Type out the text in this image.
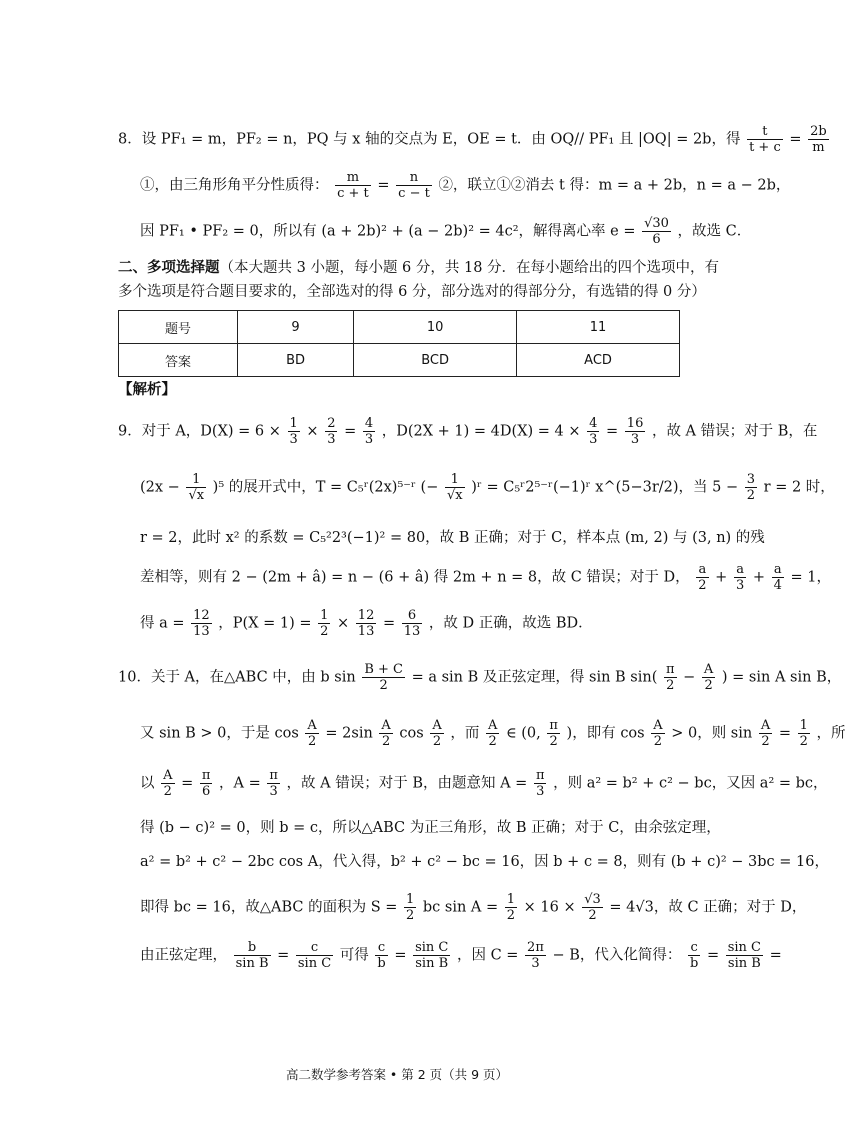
8．设 PF₁ = m，PF₂ = n，PQ 与 x 轴的交点为 E，OE = t．由 OQ// PF₁ 且 |OQ| = 2b，得 $\frac{t}{t + c} = \frac{2b}{m}$
①，由三角形角平分性质得： $\frac{m}{c + t} = \frac{n}{c - t}$ ②，联立①②消去 t 得：m = a + 2b，n = a − 2b，
因 PF₁ • PF₂ = 0，所以有 (a + 2b)² + (a − 2b)² = 4c²，解得离心率 $e = \frac{√30}{6}$ ，故选 C．
二、多项选择题（本大题共 3 小题，每小题 6 分，共 18 分．在每小题给出的四个选项中，有
多个选项是符合题目要求的，全部选对的得 6 分，部分选对的得部分分，有选错的得 0 分）
题号	9	10	11
答案	BD	BCD	ACD
【解析】
9．对于 A，$D(X) = 6 \times \frac{1}{3} \times \frac{2}{3} = \frac{4}{3}$ ，$D(2X + 1) = 4D(X) = 4 \times \frac{4}{3} = \frac{16}{3}$ ，故 A 错误；对于 B，在
$(2x - \frac{1}{√x} )^5$ 的展开式中，T = C₅ʳ(2x)⁵⁻ʳ (− $\frac{1}{√x}$ )ʳ = C₅ʳ2⁵⁻ʳ(−1)ʳ x^(5−3r/2)，当 $5 - \frac{3}{2}$ r = 2 时，
r = 2，此时 x² 的系数 = C₅²2³(−1)² = 80，故 B 正确；对于 C，样本点 (m, 2) 与 (3, n) 的残
差相等，则有 2 − (2m + â) = n − (6 + â) 得 2m + n = 8，故 C 错误；对于 D， $\frac{a}{2} + \frac{a}{3} + \frac{a}{4} = 1$，
得 $a = \frac{12}{13}$ ，$P(X = 1) = \frac{1}{2} \times \frac{12}{13} = \frac{6}{13}$ ，故 D 正确，故选 BD．
10．关于 A，在△ABC 中，由 b $\sin \frac{B + C}{2} = a$ sin B 及正弦定理，得 sin B $\sin( \frac{\pi}{2} - \frac{A}{2}$ ) = sin A sin B，
又 sin B > 0，于是 $\cos \frac{A}{2} = 2\sin \frac{A}{2}$ $\cos \frac{A}{2}$ ，而 $\frac{A}{2}$ ∈ (0, $\frac{\pi}{2}$ )，即有 $\cos \frac{A}{2} > 0$，则 $\sin \frac{A}{2} = \frac{1}{2}$ ，所
以 $\frac{A}{2} = \frac{\pi}{6}$ ，$A = \frac{\pi}{3}$ ，故 A 错误；对于 B，由题意知 $A = \frac{\pi}{3}$ ，则 a² = b² + c² − bc，又因 a² = bc，
得 (b − c)² = 0，则 b = c，所以△ABC 为正三角形，故 B 正确；对于 C，由余弦定理，
a² = b² + c² − 2bc cos A，代入得，b² + c² − bc = 16，因 b + c = 8，则有 (b + c)² − 3bc = 16，
即得 bc = 16，故△ABC 的面积为 $S = \frac{1}{2}$ bc $\sin A = \frac{1}{2} \times 16 \times \frac{√3}{2} = 4√3$，故 C 正确；对于 D，
由正弦定理， $\frac{b}{\text{sin B}} = \frac{c}{\text{sin C}}$ 可得 $\frac{c}{b} = \frac{\text{sin C}}{\text{sin B}}$ ，因 $C = \frac{2\pi}{3} - B$，代入化简得： $\frac{c}{b} = \frac{\text{sin C}}{\text{sin B}}$ =
高二数学参考答案 • 第 2 页（共 9 页）
